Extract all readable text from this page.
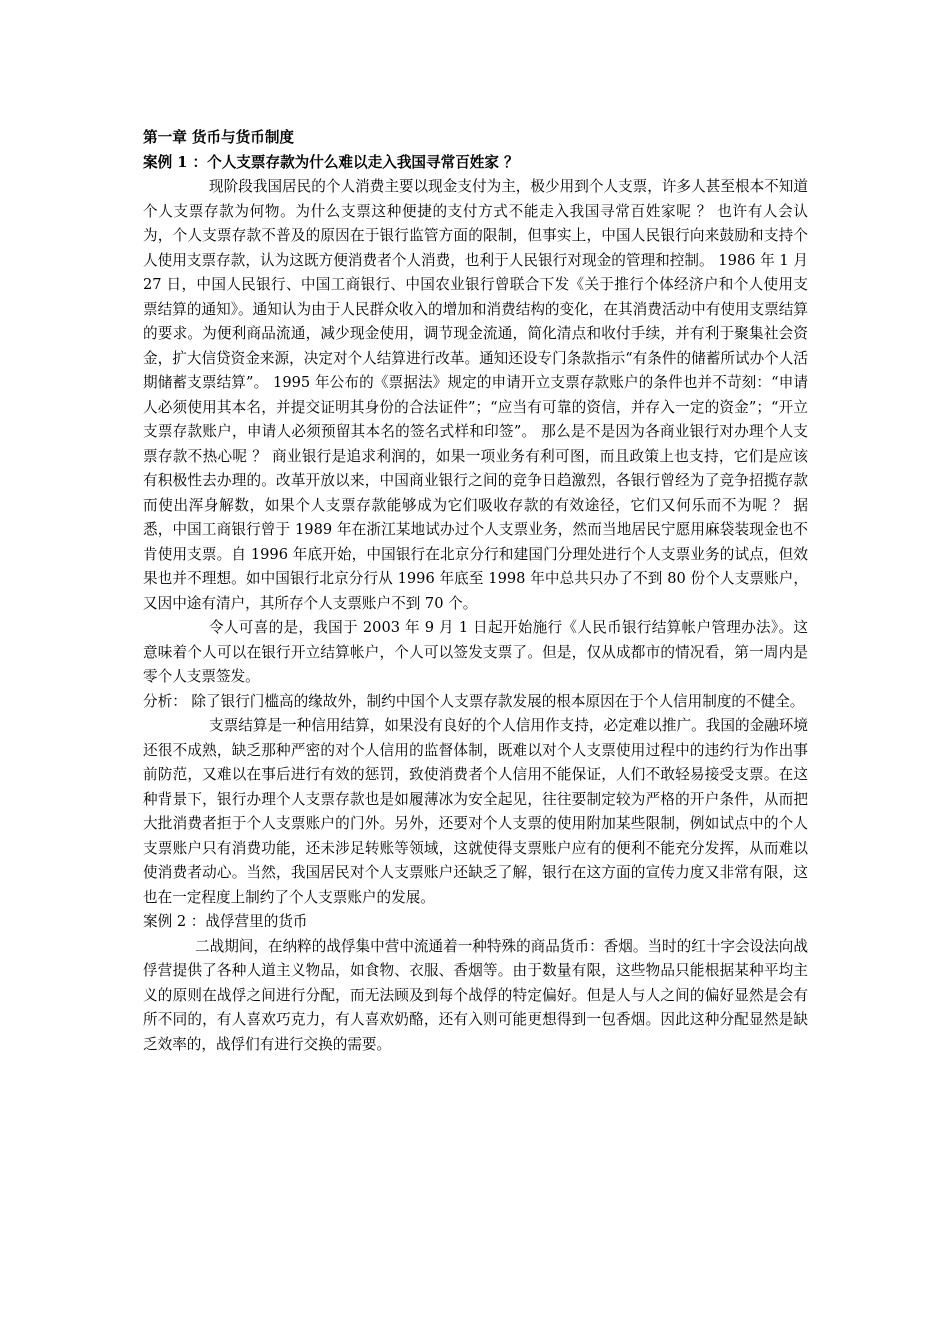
第一章 货币与货币制度

案例 1 ：个人支票存款为什么难以走入我国寻常百姓家 ？

现阶段我国居民的个人消费主要以现金支付为主，极少用到个人支票，许多人甚至根本不知道个人支票存款为何物。为什么支票这种便捷的支付方式不能走入我国寻常百姓家呢 ？ 也许有人会认为，个人支票存款不普及的原因在于银行监管方面的限制，但事实上，中国人民银行向来鼓励和支持个人使用支票存款，认为这既方便消费者个人消费，也利于人民银行对现金的管理和控制。 1986 年 1 月 27 日，中国人民银行、中国工商银行、中国农业银行曾联合下发《关于推行个体经济户和个人使用支票结算的通知》。通知认为由于人民群众收入的增加和消费结构的变化，在其消费活动中有使用支票结算的要求。为便利商品流通，减少现金使用，调节现金流通，简化清点和收付手续，并有利于聚集社会资金，扩大信贷资金来源，决定对个人结算进行改革。通知还设专门条款指示“有条件的储蓄所试办个人活期储蓄支票结算”。 1995 年公布的《票据法》规定的申请开立支票存款账户的条件也并不苛刻：“申请人必须使用其本名，并提交证明其身份的合法证件”；“应当有可靠的资信，并存入一定的资金”；“开立支票存款账户，申请人必须预留其本名的签名式样和印签”。 那么是不是因为各商业银行对办理个人支票存款不热心呢 ？ 商业银行是追求利润的，如果一项业务有利可图，而且政策上也支持，它们是应该有积极性去办理的。改革开放以来，中国商业银行之间的竞争日趋激烈，各银行曾经为了竞争招揽存款而使出浑身解数，如果个人支票存款能够成为它们吸收存款的有效途径，它们又何乐而不为呢 ？ 据悉，中国工商银行曾于 1989 年在浙江某地试办过个人支票业务，然而当地居民宁愿用麻袋装现金也不肯使用支票。自 1996 年底开始，中国银行在北京分行和建国门分理处进行个人支票业务的试点，但效果也并不理想。如中国银行北京分行从 1996 年底至 1998 年中总共只办了不到 80 份个人支票账户，又因中途有清户，其所存个人支票账户不到 70 个。

令人可喜的是，我国于 2003 年 9 月 1 日起开始施行《人民币银行结算帐户管理办法》。这意味着个人可以在银行开立结算帐户，个人可以签发支票了。但是，仅从成都市的情况看，第一周内是零个人支票签发。

分析： 除了银行门槛高的缘故外，制约中国个人支票存款发展的根本原因在于个人信用制度的不健全。

支票结算是一种信用结算，如果没有良好的个人信用作支持，必定难以推广。我国的金融环境还很不成熟，缺乏那种严密的对个人信用的监督体制，既难以对个人支票使用过程中的违约行为作出事前防范，又难以在事后进行有效的惩罚，致使消费者个人信用不能保证，人们不敢轻易接受支票。在这种背景下，银行办理个人支票存款也是如履薄冰为安全起见，往往要制定较为严格的开户条件，从而把大批消费者拒于个人支票账户的门外。另外，还要对个人支票的使用附加某些限制，例如试点中的个人支票账户只有消费功能，还未涉足转账等领域，这就使得支票账户应有的便利不能充分发挥，从而难以使消费者动心。当然，我国居民对个人支票账户还缺乏了解，银行在这方面的宣传力度又非常有限，这也在一定程度上制约了个人支票账户的发展。

案例 2 ：战俘营里的货币

二战期间，在纳粹的战俘集中营中流通着一种特殊的商品货币：香烟。当时的红十字会设法向战俘营提供了各种人道主义物品，如食物、衣服、香烟等。由于数量有限，这些物品只能根据某种平均主义的原则在战俘之间进行分配，而无法顾及到每个战俘的特定偏好。但是人与人之间的偏好显然是会有所不同的，有人喜欢巧克力，有人喜欢奶酪，还有入则可能更想得到一包香烟。因此这种分配显然是缺乏效率的，战俘们有进行交换的需要。
